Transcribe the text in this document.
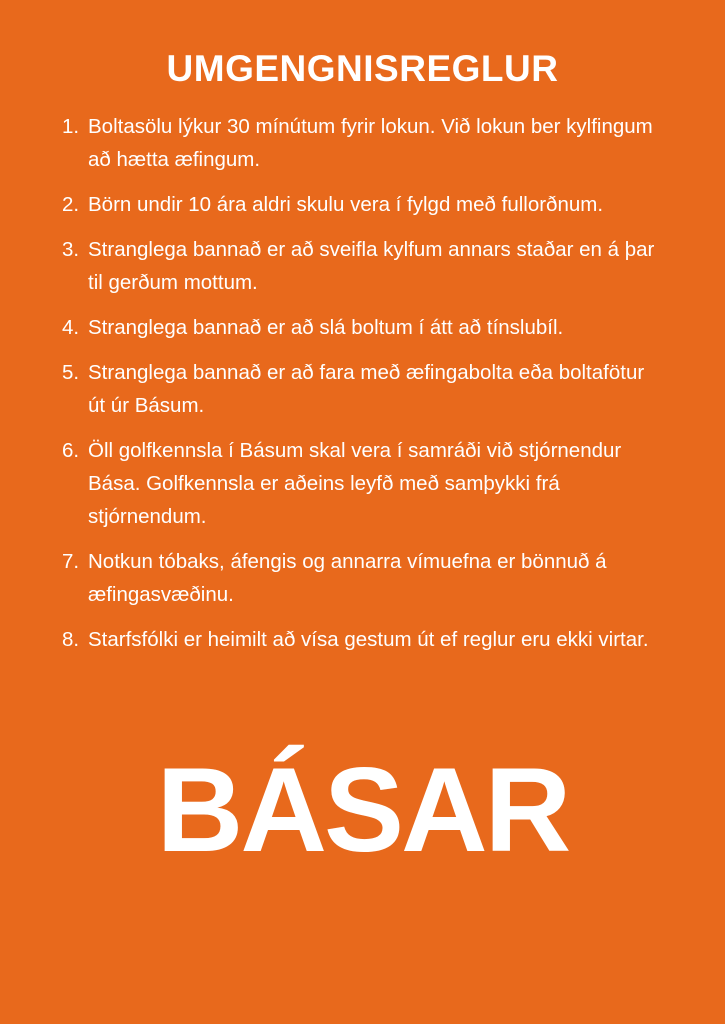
UMGENGNISREGLUR
1. Boltasölu lýkur 30 mínútum fyrir lokun. Við lokun ber kylfingum að hætta æfingum.
2. Börn undir 10 ára aldri skulu vera í fylgd með fullorðnum.
3. Stranglega bannað er að sveifla kylfum annars staðar en á þar til gerðum mottum.
4. Stranglega bannað er að slá boltum í átt að tínslubíl.
5. Stranglega bannað er að fara með æfingabolta eða boltafötur út úr Básum.
6. Öll golfkennsla í Básum skal vera í samráði við stjórnendur Bása. Golfkennsla er aðeins leyfð með samþykki frá stjórnendum.
7. Notkun tóbaks, áfengis og annarra vímuefna er bönnuð á æfingasvæðinu.
8. Starfsfólki er heimilt að vísa gestum út ef reglur eru ekki virtar.
BÁSAR
